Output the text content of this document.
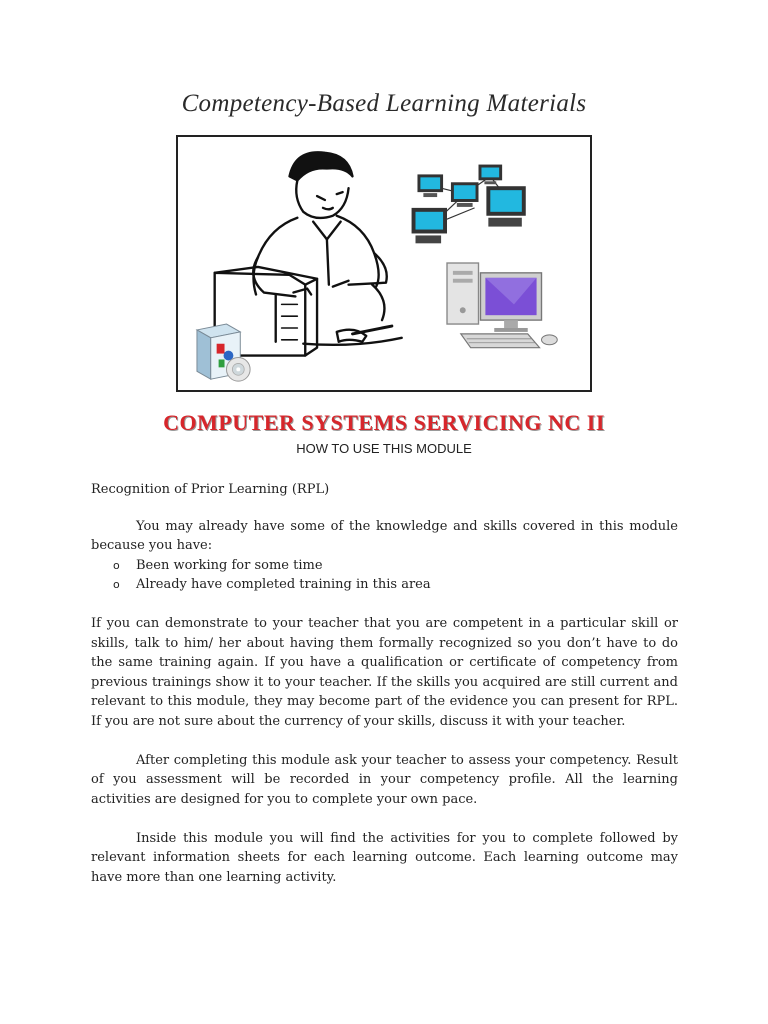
Competency-Based Learning Materials
COMPUTER SYSTEMS SERVICING NC II
HOW TO USE THIS MODULE

Recognition of Prior Learning (RPL)

You may already have some of the knowledge and skills covered in this module because you have:

o Been working for some time
o Already have completed training in this area

If you can demonstrate to your teacher that you are competent in a particular skill or skills, talk to him/ her about having them formally recognized so you don’t have to do the same training again. If you have a qualification or certificate of competency from previous trainings show it to your teacher. If the skills you acquired are still current and relevant to this module, they may become part of the evidence you can present for RPL. If you are not sure about the currency of your skills, discuss it with your teacher.

After completing this module ask your teacher to assess your competency. Result of you assessment will be recorded in your competency profile. All the learning activities are designed for you to complete your own pace.

Inside this module you will find the activities for you to complete followed by relevant information sheets for each learning outcome. Each learning outcome may have more than one learning activity.
